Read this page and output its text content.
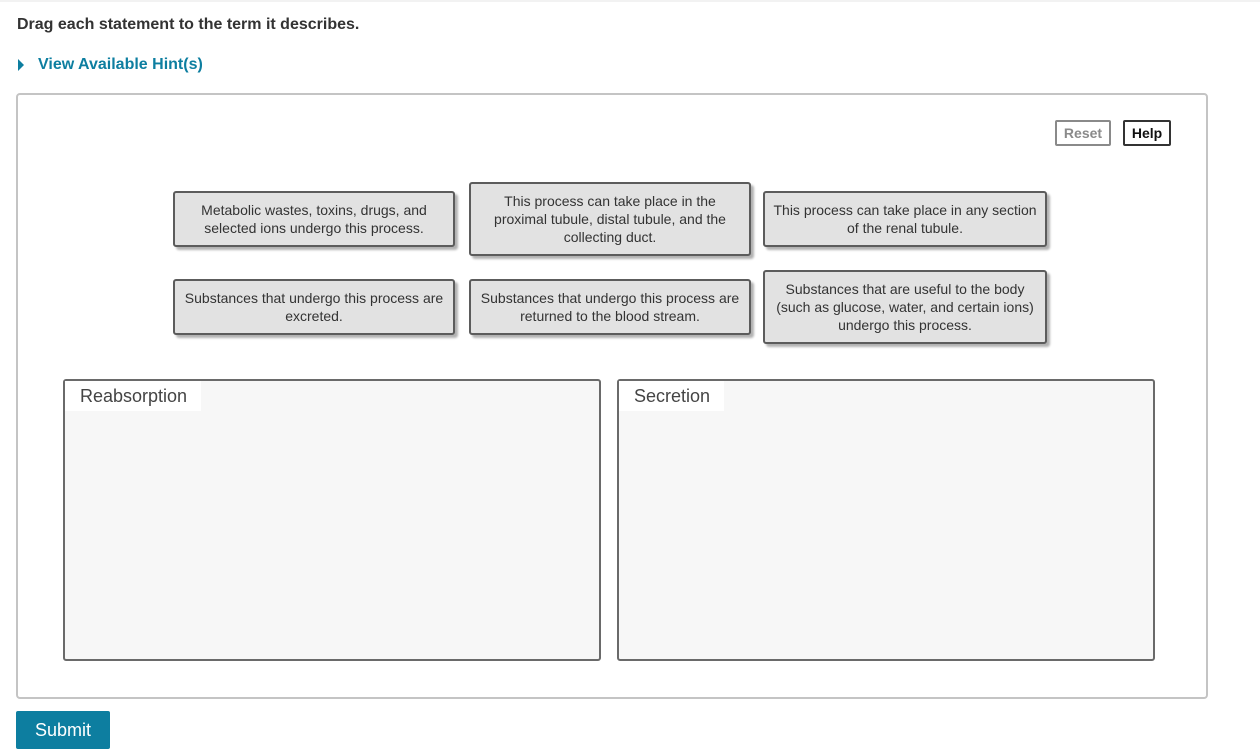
Drag each statement to the term it describes.
View Available Hint(s)
Reset	Help
Metabolic wastes, toxins, drugs, and selected ions undergo this process.
This process can take place in the proximal tubule, distal tubule, and the collecting duct.
This process can take place in any section of the renal tubule.
Substances that undergo this process are excreted.
Substances that undergo this process are returned to the blood stream.
Substances that are useful to the body (such as glucose, water, and certain ions) undergo this process.
Reabsorption	Secretion
Submit
